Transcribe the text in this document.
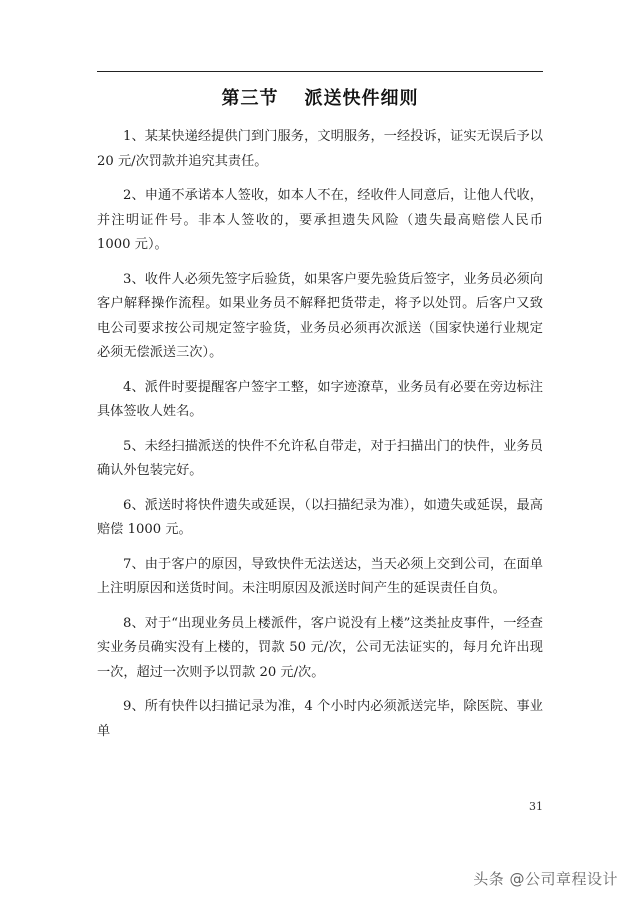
第三节 派送快件细则

1、某某快递经提供门到门服务，文明服务，一经投诉，证实无误后予以 20 元/次罚款并追究其责任。

2、申通不承诺本人签收，如本人不在，经收件人同意后，让他人代收，并注明证件号。非本人签收的，要承担遗失风险（遗失最高赔偿人民币 1000 元）。

3、收件人必须先签字后验货，如果客户要先验货后签字，业务员必须向客户解释操作流程。如果业务员不解释把货带走，将予以处罚。后客户又致电公司要求按公司规定签字验货，业务员必须再次派送（国家快递行业规定必须无偿派送三次）。

4、派件时要提醒客户签字工整，如字迹潦草，业务员有必要在旁边标注具体签收人姓名。

5、未经扫描派送的快件不允许私自带走，对于扫描出门的快件，业务员确认外包装完好。

6、派送时将快件遗失或延误，（以扫描纪录为准），如遗失或延误，最高赔偿 1000 元。

7、由于客户的原因，导致快件无法送达，当天必须上交到公司，在面单上注明原因和送货时间。未注明原因及派送时间产生的延误责任自负。

8、对于“出现业务员上楼派件，客户说没有上楼”这类扯皮事件，一经查实业务员确实没有上楼的，罚款 50 元/次，公司无法证实的，每月允许出现一次，超过一次则予以罚款 20 元/次。

9、所有快件以扫描记录为准，4 个小时内必须派送完毕，除医院、事业单

31
头条 @公司章程设计
